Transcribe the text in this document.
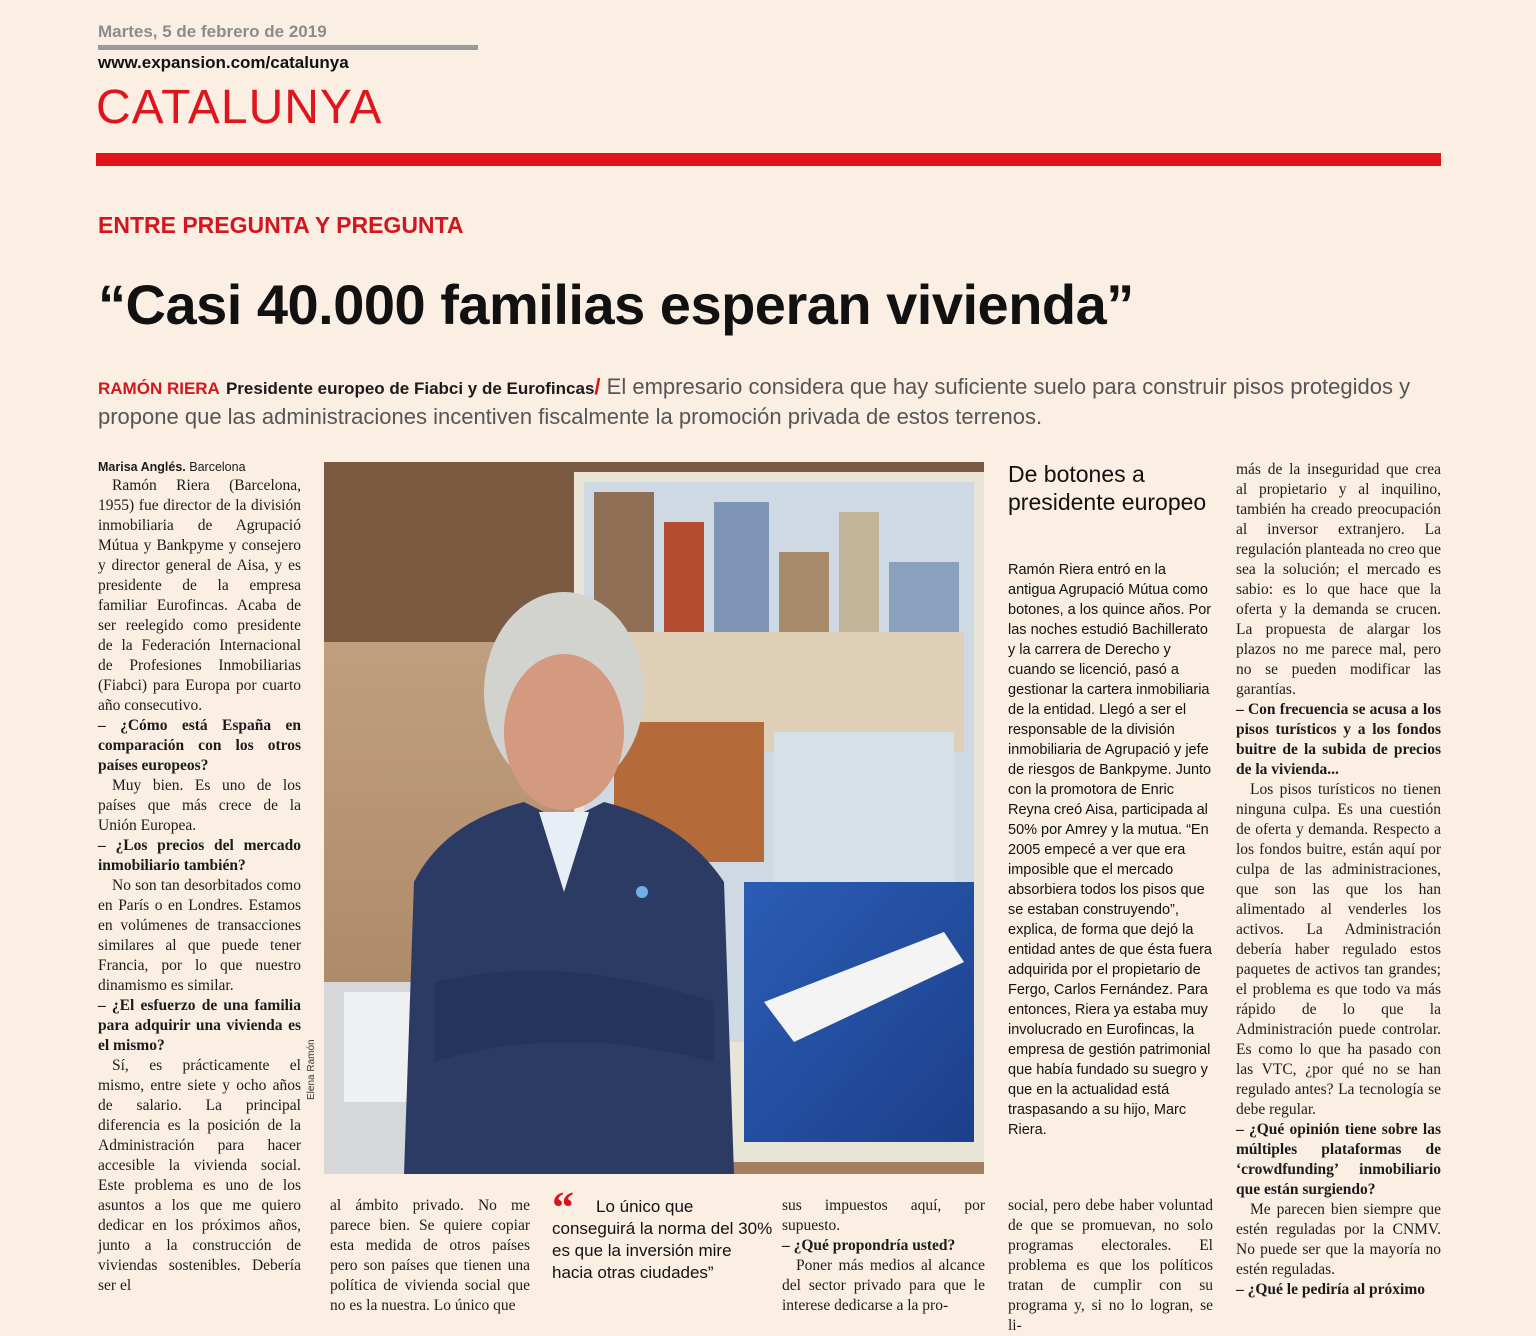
Martes, 5 de febrero de 2019
www.expansion.com/catalunya
CATALUNYA
ENTRE PREGUNTA Y PREGUNTA
“Casi 40.000 familias esperan vivienda”
RAMÓN RIERA Presidente europeo de Fiabci y de Eurofincas/ El empresario considera que hay suficiente suelo para construir pisos protegidos y propone que las administraciones incentiven fiscalmente la promoción privada de estos terrenos.
Marisa Anglés. Barcelona

Ramón Riera (Barcelona, 1955) fue director de la división inmobiliaria de Agrupació Mútua y Bankpyme y consejero y director general de Aisa, y es presidente de la empresa familiar Eurofincas. Acaba de ser reelegido como presidente de la Federación Internacional de Profesiones Inmobiliarias (Fiabci) para Europa por cuarto año consecutivo.

– ¿Cómo está España en comparación con los otros países europeos?

Muy bien. Es uno de los países que más crece de la Unión Europea.

– ¿Los precios del mercado inmobiliario también?

No son tan desorbitados como en París o en Londres. Estamos en volúmenes de transacciones similares al que puede tener Francia, por lo que nuestro dinamismo es similar.

– ¿El esfuerzo de una familia para adquirir una vivienda es el mismo?

Sí, es prácticamente el mismo, entre siete y ocho años de salario. La principal diferencia es la posición de la Administración para hacer accesible la vivienda social. Este problema es uno de los asuntos a los que me quiero dedicar en los próximos años, junto a la construcción de viviendas sostenibles. Debería ser el

Elena Ramón
De botones a presidente europeo
Ramón Riera entró en la antigua Agrupació Mútua como botones, a los quince años. Por las noches estudió Bachillerato y la carrera de Derecho y cuando se licenció, pasó a gestionar la cartera inmobiliaria de la entidad. Llegó a ser el responsable de la división inmobiliaria de Agrupació y jefe de riesgos de Bankpyme. Junto con la promotora de Enric Reyna creó Aisa, participada al 50% por Amrey y la mutua. “En 2005 empecé a ver que era imposible que el mercado absorbiera todos los pisos que se estaban construyendo”, explica, de forma que dejó la entidad antes de que ésta fuera adquirida por el propietario de Fergo, Carlos Fernández. Para entonces, Riera ya estaba muy involucrado en Eurofincas, la empresa de gestión patrimonial que había fundado su suegro y que en la actualidad está traspasando a su hijo, Marc Riera.

al ámbito privado. No me parece bien. Se quiere copiar esta medida de otros países pero son países que tienen una política de vivienda social que no es la nuestra. Lo único que

“	Lo único que conseguirá la norma del 30% es que la inversión mire hacia otras ciudades”

sus impuestos aquí, por supuesto.

– ¿Qué propondría usted?

Poner más medios al alcance del sector privado para que le interese dedicarse a la pro-

social, pero debe haber voluntad de que se promuevan, no solo programas electorales. El problema es que los políticos tratan de cumplir con su programa y, si no lo logran, se li-

más de la inseguridad que crea al propietario y al inquilino, también ha creado preocupación al inversor extranjero. La regulación planteada no creo que sea la solución; el mercado es sabio: es lo que hace que la oferta y la demanda se crucen. La propuesta de alargar los plazos no me parece mal, pero no se pueden modificar las garantías.

– Con frecuencia se acusa a los pisos turísticos y a los fondos buitre de la subida de precios de la vivienda...

Los pisos turísticos no tienen ninguna culpa. Es una cuestión de oferta y demanda. Respecto a los fondos buitre, están aquí por culpa de las administraciones, que son las que los han alimentado al venderles los activos. La Administración debería haber regulado estos paquetes de activos tan grandes; el problema es que todo va más rápido de lo que la Administración puede controlar. Es como lo que ha pasado con las VTC, ¿por qué no se han regulado antes? La tecnología se debe regular.

– ¿Qué opinión tiene sobre las múltiples plataformas de ‘crowdfunding’ inmobiliario que están surgiendo?

Me parecen bien siempre que estén reguladas por la CNMV. No puede ser que la mayoría no estén reguladas.

– ¿Qué le pediría al próximo
